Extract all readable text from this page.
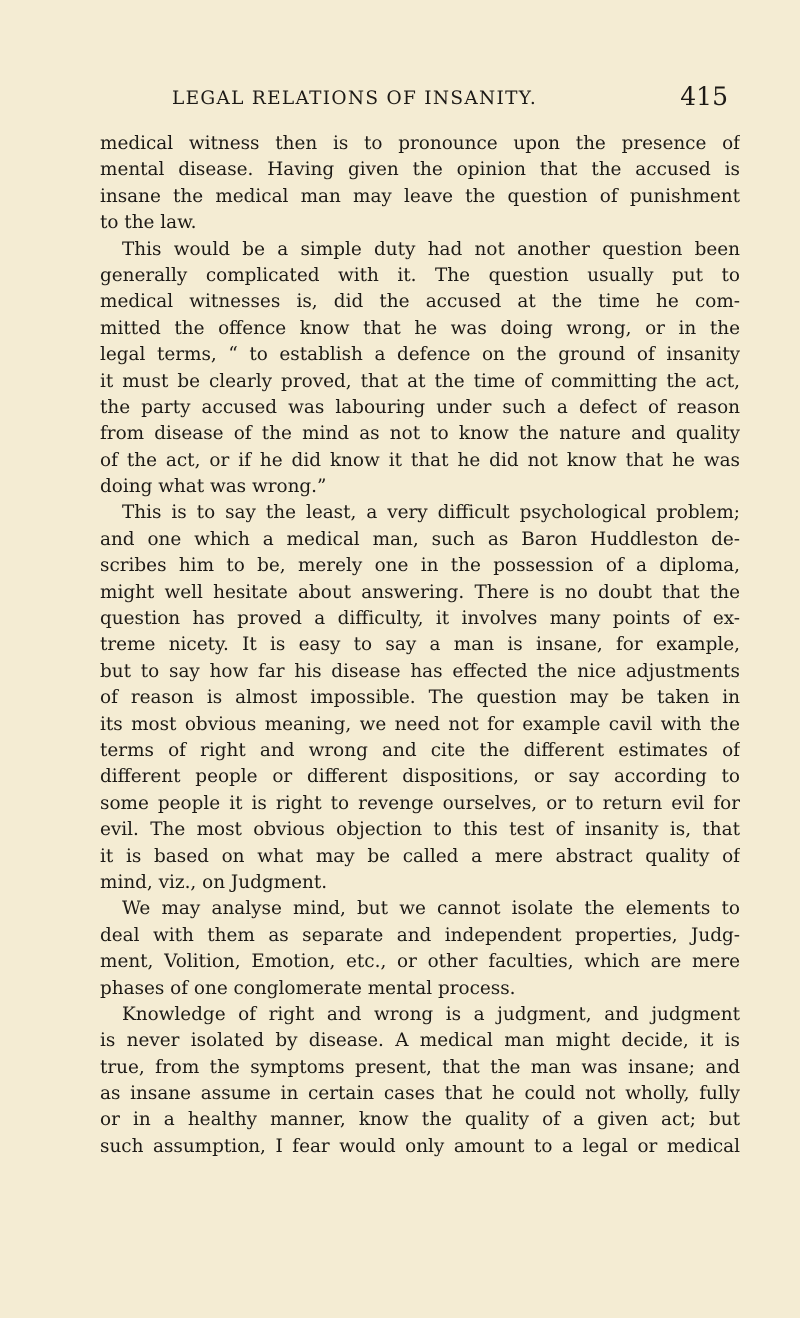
LEGAL RELATIONS OF INSANITY.	415
medical witness then is to pronounce upon the presence of
mental disease. Having given the opinion that the accused is
insane the medical man may leave the question of punishment
to the law.
This would be a simple duty had not another question been
generally complicated with it. The question usually put to
medical witnesses is, did the accused at the time he com-
mitted the offence know that he was doing wrong, or in the
legal terms, “ to establish a defence on the ground of insanity
it must be clearly proved, that at the time of committing the act,
the party accused was labouring under such a defect of reason
from disease of the mind as not to know the nature and quality
of the act, or if he did know it that he did not know that he was
doing what was wrong.”
This is to say the least, a very difficult psychological problem;
and one which a medical man, such as Baron Huddleston de-
scribes him to be, merely one in the possession of a diploma,
might well hesitate about answering. There is no doubt that the
question has proved a difficulty, it involves many points of ex-
treme nicety. It is easy to say a man is insane, for example,
but to say how far his disease has effected the nice adjustments
of reason is almost impossible. The question may be taken in
its most obvious meaning, we need not for example cavil with the
terms of right and wrong and cite the different estimates of
different people or different dispositions, or say according to
some people it is right to revenge ourselves, or to return evil for
evil. The most obvious objection to this test of insanity is, that
it is based on what may be called a mere abstract quality of
mind, viz., on Judgment.
We may analyse mind, but we cannot isolate the elements to
deal with them as separate and independent properties, Judg-
ment, Volition, Emotion, etc., or other faculties, which are mere
phases of one conglomerate mental process.
Knowledge of right and wrong is a judgment, and judgment
is never isolated by disease. A medical man might decide, it is
true, from the symptoms present, that the man was insane; and
as insane assume in certain cases that he could not wholly, fully
or in a healthy manner, know the quality of a given act; but
such assumption, I fear would only amount to a legal or medical
